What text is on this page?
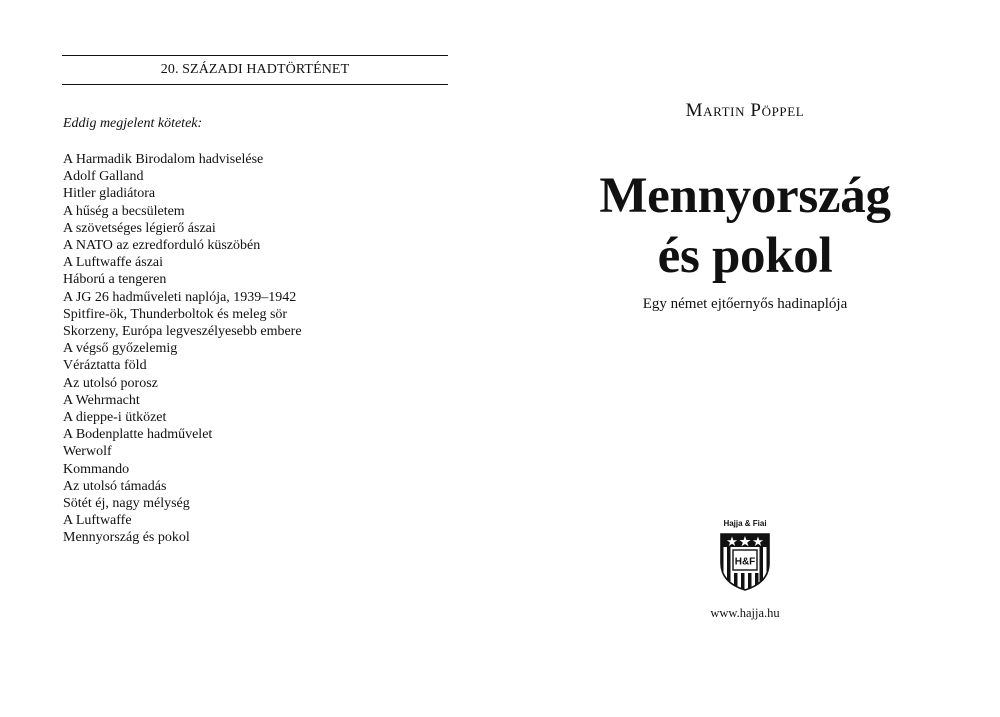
20. SZÁZADI HADTÖRTÉNET
Eddig megjelent kötetek:
A Harmadik Birodalom hadviselése
Adolf Galland
Hitler gladiátora
A hűség a becsületem
A szövetséges légierő ászai
A NATO az ezredforduló küszöbén
A Luftwaffe ászai
Háború a tengeren
A JG 26 hadműveleti naplója, 1939–1942
Spitfire-ök, Thunderboltok és meleg sör
Skorzeny, Európa legveszélyesebb embere
A végső győzelemig
Véráztatta föld
Az utolsó porosz
A Wehrmacht
A dieppe-i ütközet
A Bodenplatte hadművelet
Werwolf
Kommando
Az utolsó támadás
Sötét éj, nagy mélység
A Luftwaffe
Mennyország és pokol
Martin Pöppel
Mennyország
és pokol
Egy német ejtőernyős hadinaplója
Hajja & Fiai
H&F
www.hajja.hu
